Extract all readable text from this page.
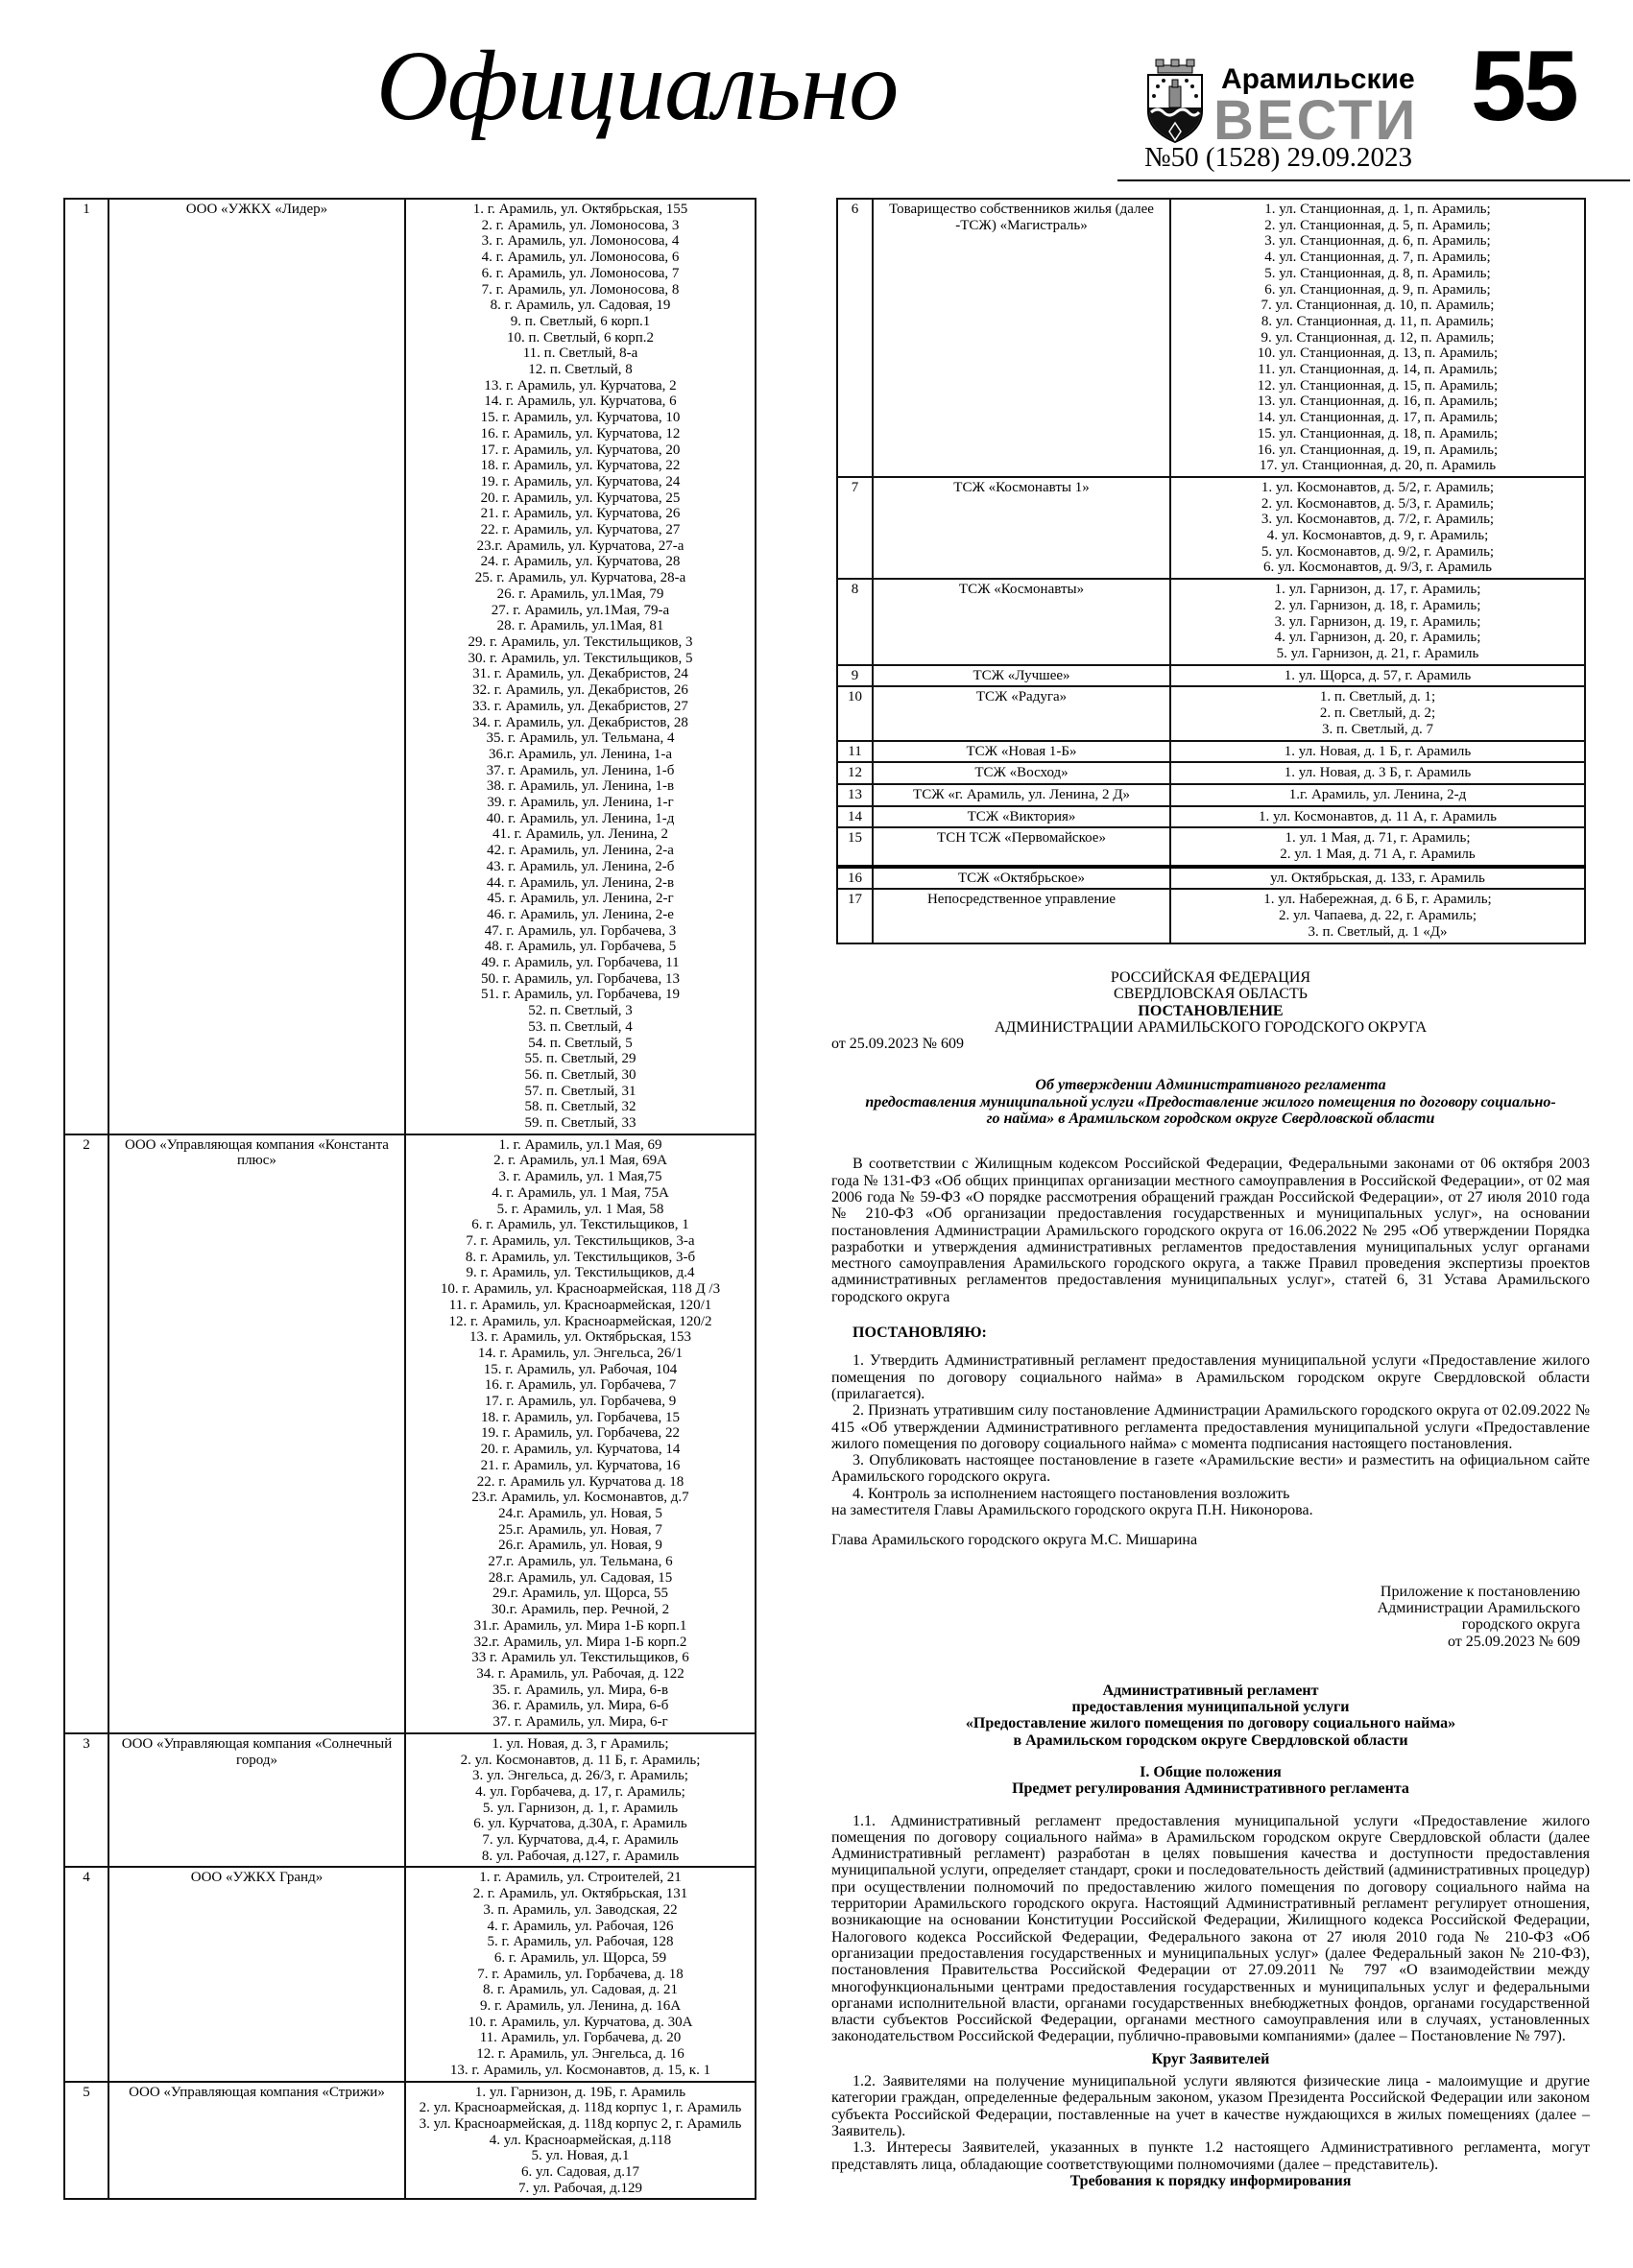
Официально	Арамильские
ВЕСТИ
№50 (1528) 29.09.2023
55
1	ООО «УЖКХ «Лидер»	1. г. Арамиль, ул. Октябрьская, 155
2. г. Арамиль, ул. Ломоносова, 3
3. г. Арамиль, ул. Ломоносова, 4
4. г. Арамиль, ул. Ломоносова, 6
6. г. Арамиль, ул. Ломоносова, 7
7. г. Арамиль, ул. Ломоносова, 8
8. г. Арамиль, ул. Садовая, 19
9. п. Светлый, 6 корп.1
10. п. Светлый, 6 корп.2
11. п. Светлый, 8-а
12. п. Светлый, 8
13. г. Арамиль, ул. Курчатова, 2
14. г. Арамиль, ул. Курчатова, 6
15. г. Арамиль, ул. Курчатова, 10
16. г. Арамиль, ул. Курчатова, 12
17. г. Арамиль, ул. Курчатова, 20
18. г. Арамиль, ул. Курчатова, 22
19. г. Арамиль, ул. Курчатова, 24
20. г. Арамиль, ул. Курчатова, 25
21. г. Арамиль, ул. Курчатова, 26
22. г. Арамиль, ул. Курчатова, 27
23.г. Арамиль, ул. Курчатова, 27-а
24. г. Арамиль, ул. Курчатова, 28
25. г. Арамиль, ул. Курчатова, 28-а
26. г. Арамиль, ул.1Мая, 79
27. г. Арамиль, ул.1Мая, 79-а
28. г. Арамиль, ул.1Мая, 81
29. г. Арамиль, ул. Текстильщиков, 3
30. г. Арамиль, ул. Текстильщиков, 5
31. г. Арамиль, ул. Декабристов, 24
32. г. Арамиль, ул. Декабристов, 26
33. г. Арамиль, ул. Декабристов, 27
34. г. Арамиль, ул. Декабристов, 28
35. г. Арамиль, ул. Тельмана, 4
36.г. Арамиль, ул. Ленина, 1-а
37. г. Арамиль, ул. Ленина, 1-б
38. г. Арамиль, ул. Ленина, 1-в
39. г. Арамиль, ул. Ленина, 1-г
40. г. Арамиль, ул. Ленина, 1-д
41. г. Арамиль, ул. Ленина, 2
42. г. Арамиль, ул. Ленина, 2-а
43. г. Арамиль, ул. Ленина, 2-б
44. г. Арамиль, ул. Ленина, 2-в
45. г. Арамиль, ул. Ленина, 2-г
46. г. Арамиль, ул. Ленина, 2-е
47. г. Арамиль, ул. Горбачева, 3
48. г. Арамиль, ул. Горбачева, 5
49. г. Арамиль, ул. Горбачева, 11
50. г. Арамиль, ул. Горбачева, 13
51. г. Арамиль, ул. Горбачева, 19
52. п. Светлый, 3
53. п. Светлый, 4
54. п. Светлый, 5
55. п. Светлый, 29
56. п. Светлый, 30
57. п. Светлый, 31
58. п. Светлый, 32
59. п. Светлый, 33

2	ООО «Управляющая компания «Константа плюс»	
1. г. Арамиль, ул.1 Мая, 69
2. г. Арамиль, ул.1 Мая, 69А
3. г. Арамиль, ул. 1 Мая,75
4. г. Арамиль, ул. 1 Мая, 75А
5. г. Арамиль, ул. 1 Мая, 58
6. г. Арамиль, ул. Текстильщиков, 1
7. г. Арамиль, ул. Текстильщиков, 3-а
8. г. Арамиль, ул. Текстильщиков, 3-б
9. г. Арамиль, ул. Текстильщиков, д.4
10. г. Арамиль, ул. Красноармейская, 118 Д /3
11. г. Арамиль, ул. Красноармейская, 120/1
12. г. Арамиль, ул. Красноармейская, 120/2
13. г. Арамиль, ул. Октябрьская, 153
14. г. Арамиль, ул. Энгельса, 26/1
15. г. Арамиль, ул. Рабочая, 104
16. г. Арамиль, ул. Горбачева, 7
17. г. Арамиль, ул. Горбачева, 9
18. г. Арамиль, ул. Горбачева, 15
19. г. Арамиль, ул. Горбачева, 22
20. г. Арамиль, ул. Курчатова, 14
21. г. Арамиль, ул. Курчатова, 16
22. г. Арамиль ул. Курчатова д. 18
23.г. Арамиль, ул. Космонавтов, д.7
24.г. Арамиль, ул. Новая, 5
25.г. Арамиль, ул. Новая, 7
26.г. Арамиль, ул. Новая, 9
27.г. Арамиль, ул. Тельмана, 6
28.г. Арамиль, ул. Садовая, 15
29.г. Арамиль, ул. Щорса, 55
30.г. Арамиль, пер. Речной, 2
31.г. Арамиль, ул. Мира 1-Б корп.1
32.г. Арамиль, ул. Мира 1-Б корп.2
33 г. Арамиль ул. Текстильщиков, 6
34. г. Арамиль, ул. Рабочая, д. 122
35. г. Арамиль, ул. Мира, 6-в
36. г. Арамиль, ул. Мира, 6-б
37. г. Арамиль, ул. Мира, 6-г

3	ООО «Управляющая компания «Солнечный город»	
1. ул. Новая, д. 3, г Арамиль;
2. ул. Космонавтов, д. 11 Б, г. Арамиль;
3. ул. Энгельса, д. 26/3, г. Арамиль;
4. ул. Горбачева, д. 17, г. Арамиль;
5. ул. Гарнизон, д. 1, г. Арамиль
6. ул. Курчатова, д.30А, г. Арамиль
7. ул. Курчатова, д.4, г. Арамиль
8. ул. Рабочая, д.127, г. Арамиль

4	ООО «УЖКХ Гранд»	1. г. Арамиль, ул. Строителей, 21
2. г. Арамиль, ул. Октябрьская, 131
3. п. Арамиль, ул. Заводская, 22
4. г. Арамиль, ул. Рабочая, 126
5. г. Арамиль, ул. Рабочая, 128
6. г. Арамиль, ул. Щорса, 59
7. г. Арамиль, ул. Горбачева, д. 18
8. г. Арамиль, ул. Садовая, д. 21
9. г. Арамиль, ул. Ленина, д. 16А
10. г. Арамиль, ул. Курчатова, д. 30А
11. Арамиль, ул. Горбачева, д. 20
12. г. Арамиль, ул. Энгельса, д. 16
13. г. Арамиль, ул. Космонавтов, д. 15, к. 1

5	ООО «Управляющая компания «Стрижи»	1. ул. Гарнизон, д. 19Б, г. Арамиль
2. ул. Красноармейская, д. 118д корпус 1, г. Арамиль
3. ул. Красноармейская, д. 118д корпус 2, г. Арамиль
4. ул. Красноармейская, д.118
5. ул. Новая, д.1
6. ул. Садовая, д.17
7. ул. Рабочая, д.129
6	Товарищество собственников жилья (далее -ТСЖ) «Магистраль»	
1. ул. Станционная, д. 1, п. Арамиль;
2. ул. Станционная, д. 5, п. Арамиль;
3. ул. Станционная, д. 6, п. Арамиль;
4. ул. Станционная, д. 7, п. Арамиль;
5. ул. Станционная, д. 8, п. Арамиль;
6. ул. Станционная, д. 9, п. Арамиль;
7. ул. Станционная, д. 10, п. Арамиль;
8. ул. Станционная, д. 11, п. Арамиль;
9. ул. Станционная, д. 12, п. Арамиль;
10. ул. Станционная, д. 13, п. Арамиль;
11. ул. Станционная, д. 14, п. Арамиль;
12. ул. Станционная, д. 15, п. Арамиль;
13. ул. Станционная, д. 16, п. Арамиль;
14. ул. Станционная, д. 17, п. Арамиль;
15. ул. Станционная, д. 18, п. Арамиль;
16. ул. Станционная, д. 19, п. Арамиль;
17. ул. Станционная, д. 20, п. Арамиль

7	ТСЖ «Космонавты 1»	1. ул. Космонавтов, д. 5/2, г. Арамиль;
2. ул. Космонавтов, д. 5/3, г. Арамиль;
3. ул. Космонавтов, д. 7/2, г. Арамиль;
4. ул. Космонавтов, д. 9, г. Арамиль;
5. ул. Космонавтов, д. 9/2, г. Арамиль;
6. ул. Космонавтов, д. 9/3, г. Арамиль

8	ТСЖ «Космонавты»	1. ул. Гарнизон, д. 17, г. Арамиль;
2. ул. Гарнизон, д. 18, г. Арамиль;
3. ул. Гарнизон, д. 19, г. Арамиль;
4. ул. Гарнизон, д. 20, г. Арамиль;
5. ул. Гарнизон, д. 21, г. Арамиль

9	ТСЖ «Лучшее»	1. ул. Щорса, д. 57, г. Арамиль

10	ТСЖ «Радуга»	1. п. Светлый, д. 1;
2. п. Светлый, д. 2;
3. п. Светлый, д. 7

11	ТСЖ «Новая 1-Б»	1. ул. Новая, д. 1 Б, г. Арамиль

12	ТСЖ «Восход»	1. ул. Новая, д. 3 Б, г. Арамиль

13	ТСЖ «г. Арамиль, ул. Ленина, 2 Д»	1.г. Арамиль, ул. Ленина, 2-д

14	ТСЖ «Виктория»	1. ул. Космонавтов, д. 11 А, г. Арамиль

15	ТСН ТСЖ «Первомайское»	1. ул. 1 Мая, д. 71, г. Арамиль;
2. ул. 1 Мая, д. 71 А, г. Арамиль

16	ТСЖ «Октябрьское»	ул. Октябрьская, д. 133, г. Арамиль

17	Непосредственное управление	1. ул. Набережная, д. 6 Б, г. Арамиль;
2. ул. Чапаева, д. 22, г. Арамиль;
3. п. Светлый, д. 1 «Д»
РОССИЙСКАЯ ФЕДЕРАЦИЯ
СВЕРДЛОВСКАЯ ОБЛАСТЬ
ПОСТАНОВЛЕНИЕ
АДМИНИСТРАЦИИ АРАМИЛЬСКОГО ГОРОДСКОГО ОКРУГА
от 25.09.2023 № 609
Об утверждении Административного регламента
предоставления муниципальной услуги «Предоставление жилого помещения по договору социально-
го найма» в Арамильском городском округе Свердловской области
В соответствии с Жилищным кодексом Российской Федерации, Федеральными законами от 06 октября 2003 года № 131-ФЗ «Об общих принципах организации местного самоуправления в Российской Федерации», от 02 мая 2006 года № 59-ФЗ «О порядке рассмотрения обращений граждан Российской Федерации», от 27 июля 2010 года № 210-ФЗ «Об организации предоставления государственных и муниципальных услуг», на основании постановления Администрации Арамильского городского округа от 16.06.2022 № 295 «Об утверждении Порядка разработки и утверждения административных регламентов предоставления муниципальных услуг органами местного самоуправления Арамильского городского округа, а также Правил проведения экспертизы проектов административных регламентов предоставления муниципальных услуг», статей 6, 31 Устава Арамильского городского округа
ПОСТАНОВЛЯЮ:
1. Утвердить Административный регламент предоставления муниципальной услуги «Предоставление жилого помещения по договору социального найма» в Арамильском городском округе Свердловской области (прилагается).
2. Признать утратившим силу постановление Администрации Арамильского городского округа от 02.09.2022 № 415 «Об утверждении Административного регламента предоставления муниципальной услуги «Предоставление жилого помещения по договору социального найма» с момента подписания настоящего постановления.
3. Опубликовать настоящее постановление в газете «Арамильские вести» и разместить на официальном сайте Арамильского городского округа.
4. Контроль за исполнением настоящего постановления возложить
на заместителя Главы Арамильского городского округа П.Н. Никонорова.
Глава Арамильского городского округа М.С. Мишарина
Приложение к постановлению
Администрации Арамильского
городского округа
от 25.09.2023 № 609
Административный регламент
предоставления муниципальной услуги
«Предоставление жилого помещения по договору социального найма»
в Арамильском городском округе Свердловской области
I. Общие положения
Предмет регулирования Административного регламента
1.1. Административный регламент предоставления муниципальной услуги «Предоставление жилого помещения по договору социального найма» в Арамильском городском округе Свердловской области (далее Административный регламент) разработан в целях повышения качества и доступности предоставления муниципальной услуги, определяет стандарт, сроки и последовательность действий (административных процедур) при осуществлении полномочий по предоставлению жилого помещения по договору социального найма на территории Арамильского городского округа. Настоящий Административный регламент регулирует отношения, возникающие на основании Конституции Российской Федерации, Жилищного кодекса Российской Федерации, Налогового кодекса Российской Федерации, Федерального закона от 27 июля 2010 года № 210-ФЗ «Об организации предоставления государственных и муниципальных услуг» (далее Федеральный закон № 210-ФЗ), постановления Правительства Российской Федерации от 27.09.2011 № 797 «О взаимодействии между многофункциональными центрами предоставления государственных и муниципальных услуг и федеральными органами исполнительной власти, органами государственных внебюджетных фондов, органами государственной власти субъектов Российской Федерации, органами местного самоуправления или в случаях, установленных законодательством Российской Федерации, публично-правовыми компаниями» (далее – Постановление № 797).
Круг Заявителей
1.2. Заявителями на получение муниципальной услуги являются физические лица - малоимущие и другие категории граждан, определенные федеральным законом, указом Президента Российской Федерации или законом субъекта Российской Федерации, поставленные на учет в качестве нуждающихся в жилых помещениях (далее – Заявитель).
1.3. Интересы Заявителей, указанных в пункте 1.2 настоящего Административного регламента, могут представлять лица, обладающие соответствующими полномочиями (далее – представитель).
Требования к порядку информирования
